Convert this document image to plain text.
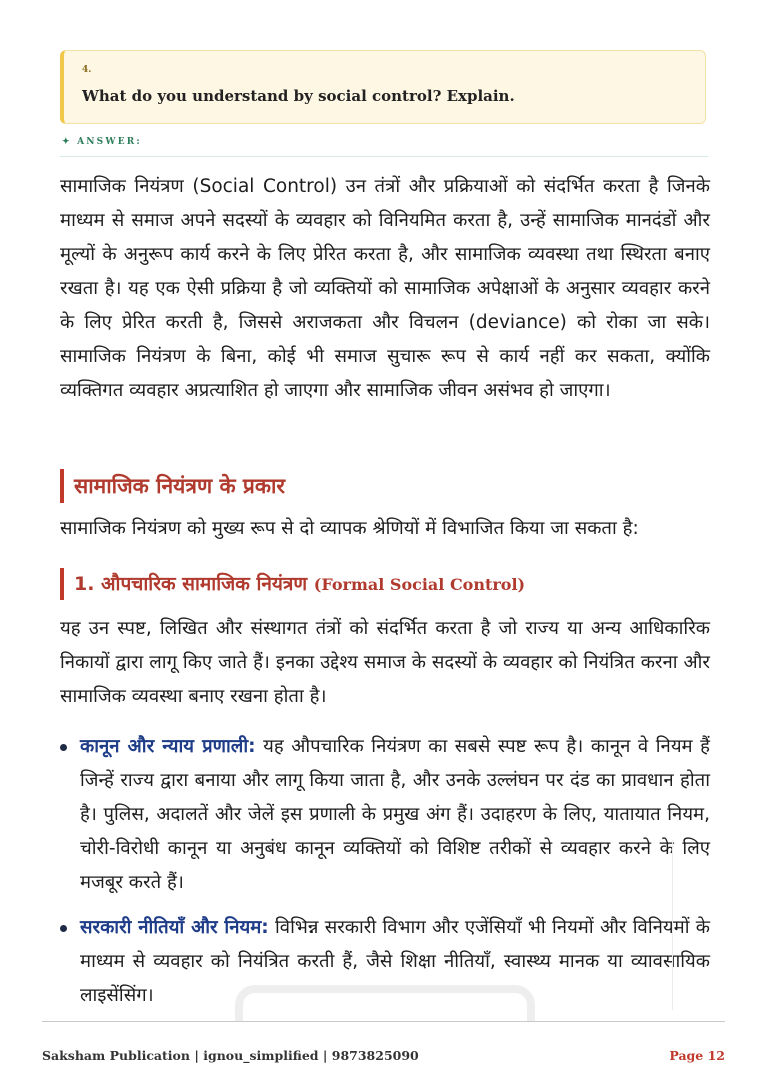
4.
What do you understand by social control? Explain.
✦ ANSWER:

सामाजिक नियंत्रण (Social Control) उन तंत्रों और प्रक्रियाओं को संदर्भित करता है जिनके माध्यम से समाज अपने सदस्यों के व्यवहार को विनियमित करता है, उन्हें सामाजिक मानदंडों और मूल्यों के अनुरूप कार्य करने के लिए प्रेरित करता है, और सामाजिक व्यवस्था तथा स्थिरता बनाए रखता है। यह एक ऐसी प्रक्रिया है जो व्यक्तियों को सामाजिक अपेक्षाओं के अनुसार व्यवहार करने के लिए प्रेरित करती है, जिससे अराजकता और विचलन (deviance) को रोका जा सके। सामाजिक नियंत्रण के बिना, कोई भी समाज सुचारू रूप से कार्य नहीं कर सकता, क्योंकि व्यक्तिगत व्यवहार अप्रत्याशित हो जाएगा और सामाजिक जीवन असंभव हो जाएगा।

सामाजिक नियंत्रण के प्रकार

सामाजिक नियंत्रण को मुख्य रूप से दो व्यापक श्रेणियों में विभाजित किया जा सकता है:

1. औपचारिक सामाजिक नियंत्रण (Formal Social Control)

यह उन स्पष्ट, लिखित और संस्थागत तंत्रों को संदर्भित करता है जो राज्य या अन्य आधिकारिक निकायों द्वारा लागू किए जाते हैं। इनका उद्देश्य समाज के सदस्यों के व्यवहार को नियंत्रित करना और सामाजिक व्यवस्था बनाए रखना होता है।

कानून और न्याय प्रणाली: यह औपचारिक नियंत्रण का सबसे स्पष्ट रूप है। कानून वे नियम हैं जिन्हें राज्य द्वारा बनाया और लागू किया जाता है, और उनके उल्लंघन पर दंड का प्रावधान होता है। पुलिस, अदालतें और जेलें इस प्रणाली के प्रमुख अंग हैं। उदाहरण के लिए, यातायात नियम, चोरी-विरोधी कानून या अनुबंध कानून व्यक्तियों को विशिष्ट तरीकों से व्यवहार करने के लिए मजबूर करते हैं।

सरकारी नीतियाँ और नियम: विभिन्न सरकारी विभाग और एजेंसियाँ भी नियमों और विनियमों के माध्यम से व्यवहार को नियंत्रित करती हैं, जैसे शिक्षा नीतियाँ, स्वास्थ्य मानक या व्यावसायिक लाइसेंसिंग।

Saksham Publication | ignou_simplified | 9873825090	Page 12
